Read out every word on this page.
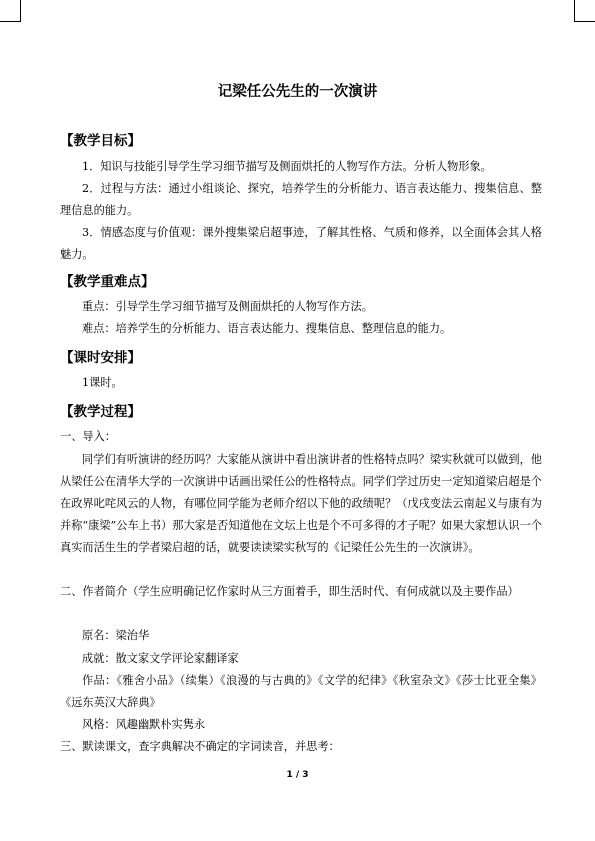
记梁任公先生的一次演讲
【教学目标】
1．知识与技能引导学生学习细节描写及侧面烘托的人物写作方法。分析人物形象。
2．过程与方法：通过小组谈论、探究，培养学生的分析能力、语言表达能力、搜集信息、整理信息的能力。
3．情感态度与价值观：课外搜集梁启超事迹，了解其性格、气质和修养，以全面体会其人格魅力。
【教学重难点】
重点：引导学生学习细节描写及侧面烘托的人物写作方法。
难点：培养学生的分析能力、语言表达能力、搜集信息、整理信息的能力。
【课时安排】
1课时。
【教学过程】
一、导入：
同学们有听演讲的经历吗？大家能从演讲中看出演讲者的性格特点吗？梁实秋就可以做到，他从梁任公在清华大学的一次演讲中话画出梁任公的性格特点。同学们学过历史一定知道梁启超是个在政界叱咤风云的人物，有哪位同学能为老师介绍以下他的政绩呢？（戊戌变法云南起义与康有为并称“康梁”公车上书）那大家是否知道他在文坛上也是个不可多得的才子呢？如果大家想认识一个真实而活生生的学者梁启超的话，就要读读梁实秋写的《记梁任公先生的一次演讲》。
二、作者简介（学生应明确记忆作家时从三方面着手，即生活时代、有何成就以及主要作品）
原名：梁治华
成就：散文家文学评论家翻译家
作品：《雅舍小品》（续集）《浪漫的与古典的》《文学的纪律》《秋室杂文》《莎士比亚全集》《远东英汉大辞典》
风格：风趣幽默朴实隽永
三、默读课文，查字典解决不确定的字词读音，并思考：
1 / 3
